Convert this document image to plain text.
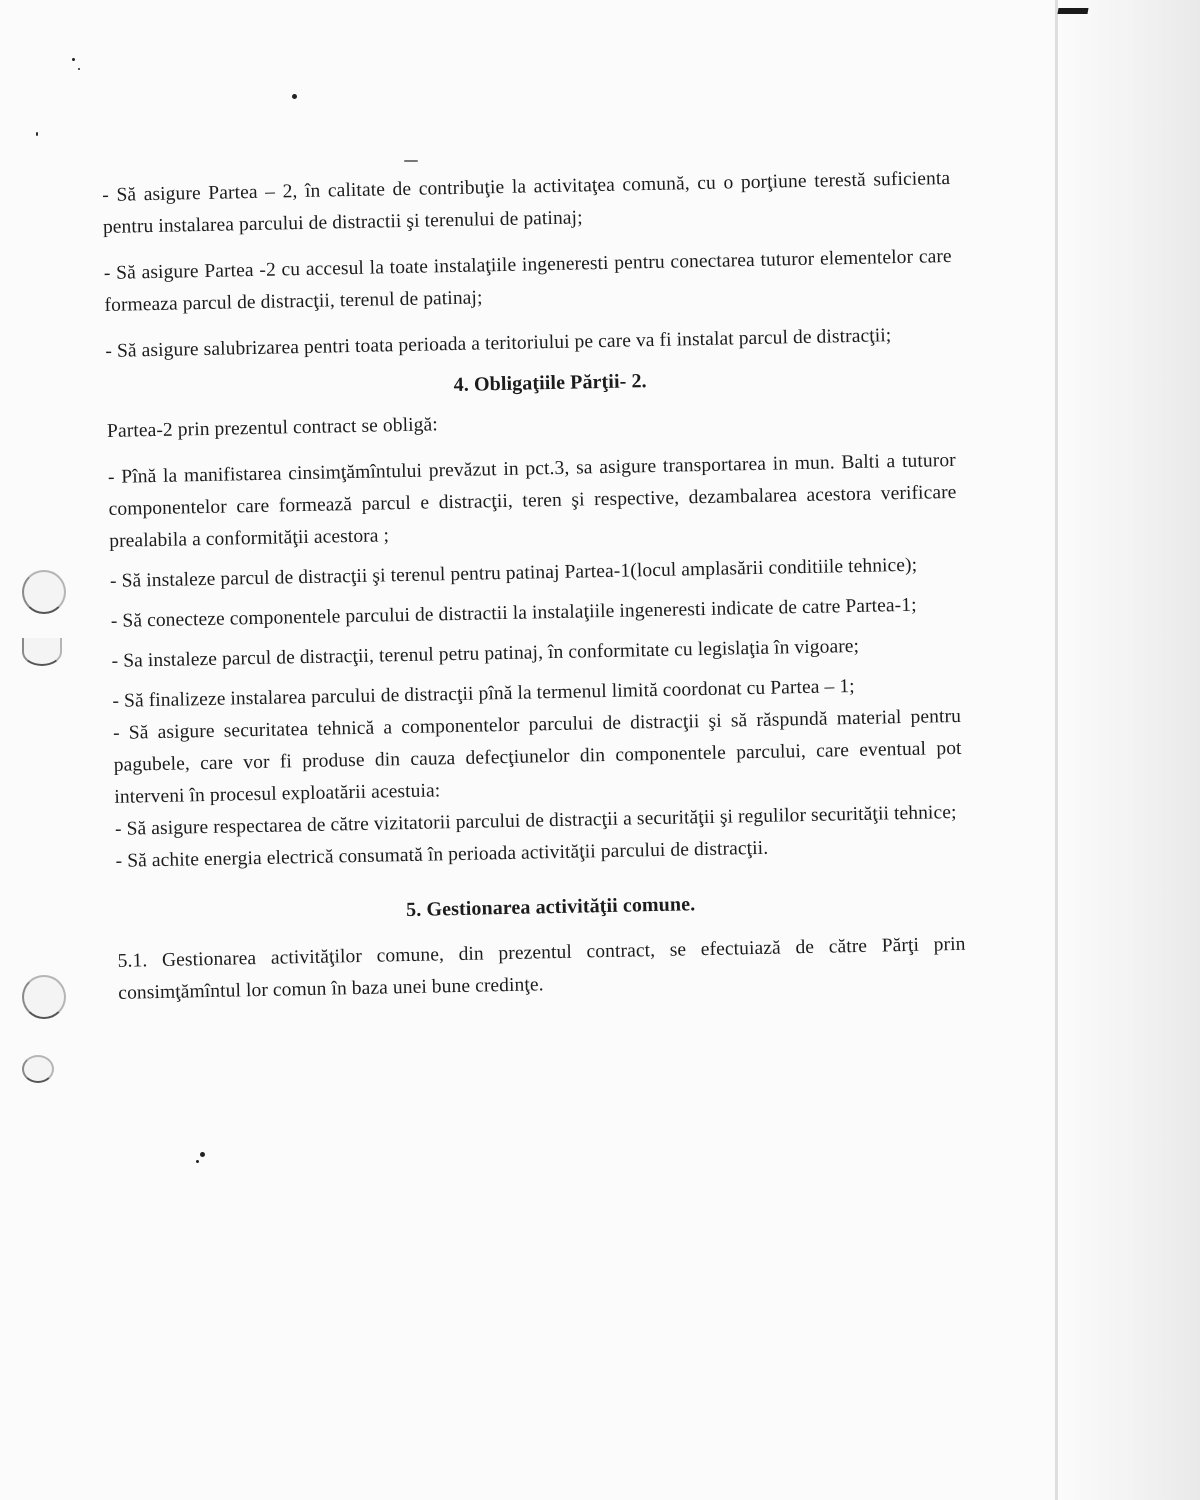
- Să asigure Partea – 2, în calitate de contribuţie la activitaţea comună, cu o porţiune terestă suficienta pentru instalarea parcului de distractii şi terenului de patinaj;

- Să asigure Partea -2 cu accesul la toate instalaţiile ingeneresti pentru conectarea tuturor elementelor care formeaza parcul de distracţii, terenul de patinaj;

- Să asigure salubrizarea pentri toata perioada a teritoriului pe care va fi instalat parcul de distracţii;

4. Obligaţiile Părţii- 2.

Partea-2 prin prezentul contract se obligă:

- Pînă la manifistarea cinsimţămîntului prevăzut in pct.3, sa asigure transportarea in mun. Balti a tuturor componentelor care formează parcul e distracţii, teren şi respective, dezambalarea acestora verificare prealabila a conformităţii acestora ;

- Să instaleze parcul de distracţii şi terenul pentru patinaj Partea-1(locul amplasării conditiile tehnice);

- Să conecteze componentele parcului de distractii la instalaţiile ingeneresti indicate de catre Partea-1;

- Sa instaleze parcul de distracţii, terenul petru patinaj, în conformitate cu legislaţia în vigoare;

- Să finalizeze instalarea parcului de distracţii pînă la termenul limită coordonat cu Partea – 1;

- Să asigure securitatea tehnică a componentelor parcului de distracţii şi să răspundă material pentru pagubele, care vor fi produse din cauza defecţiunelor din componentele parcului, care eventual pot interveni în procesul exploatării acestuia:

- Să asigure respectarea de către vizitatorii parcului de distracţii a securităţii şi regulilor securităţii tehnice;

- Să achite energia electrică consumată în perioada activităţii parcului de distracţii.

5. Gestionarea activităţii comune.

5.1. Gestionarea activităţilor comune, din prezentul contract, se efectuiază de către Părţi prin consimţămîntul lor comun în baza unei bune credinţe.
